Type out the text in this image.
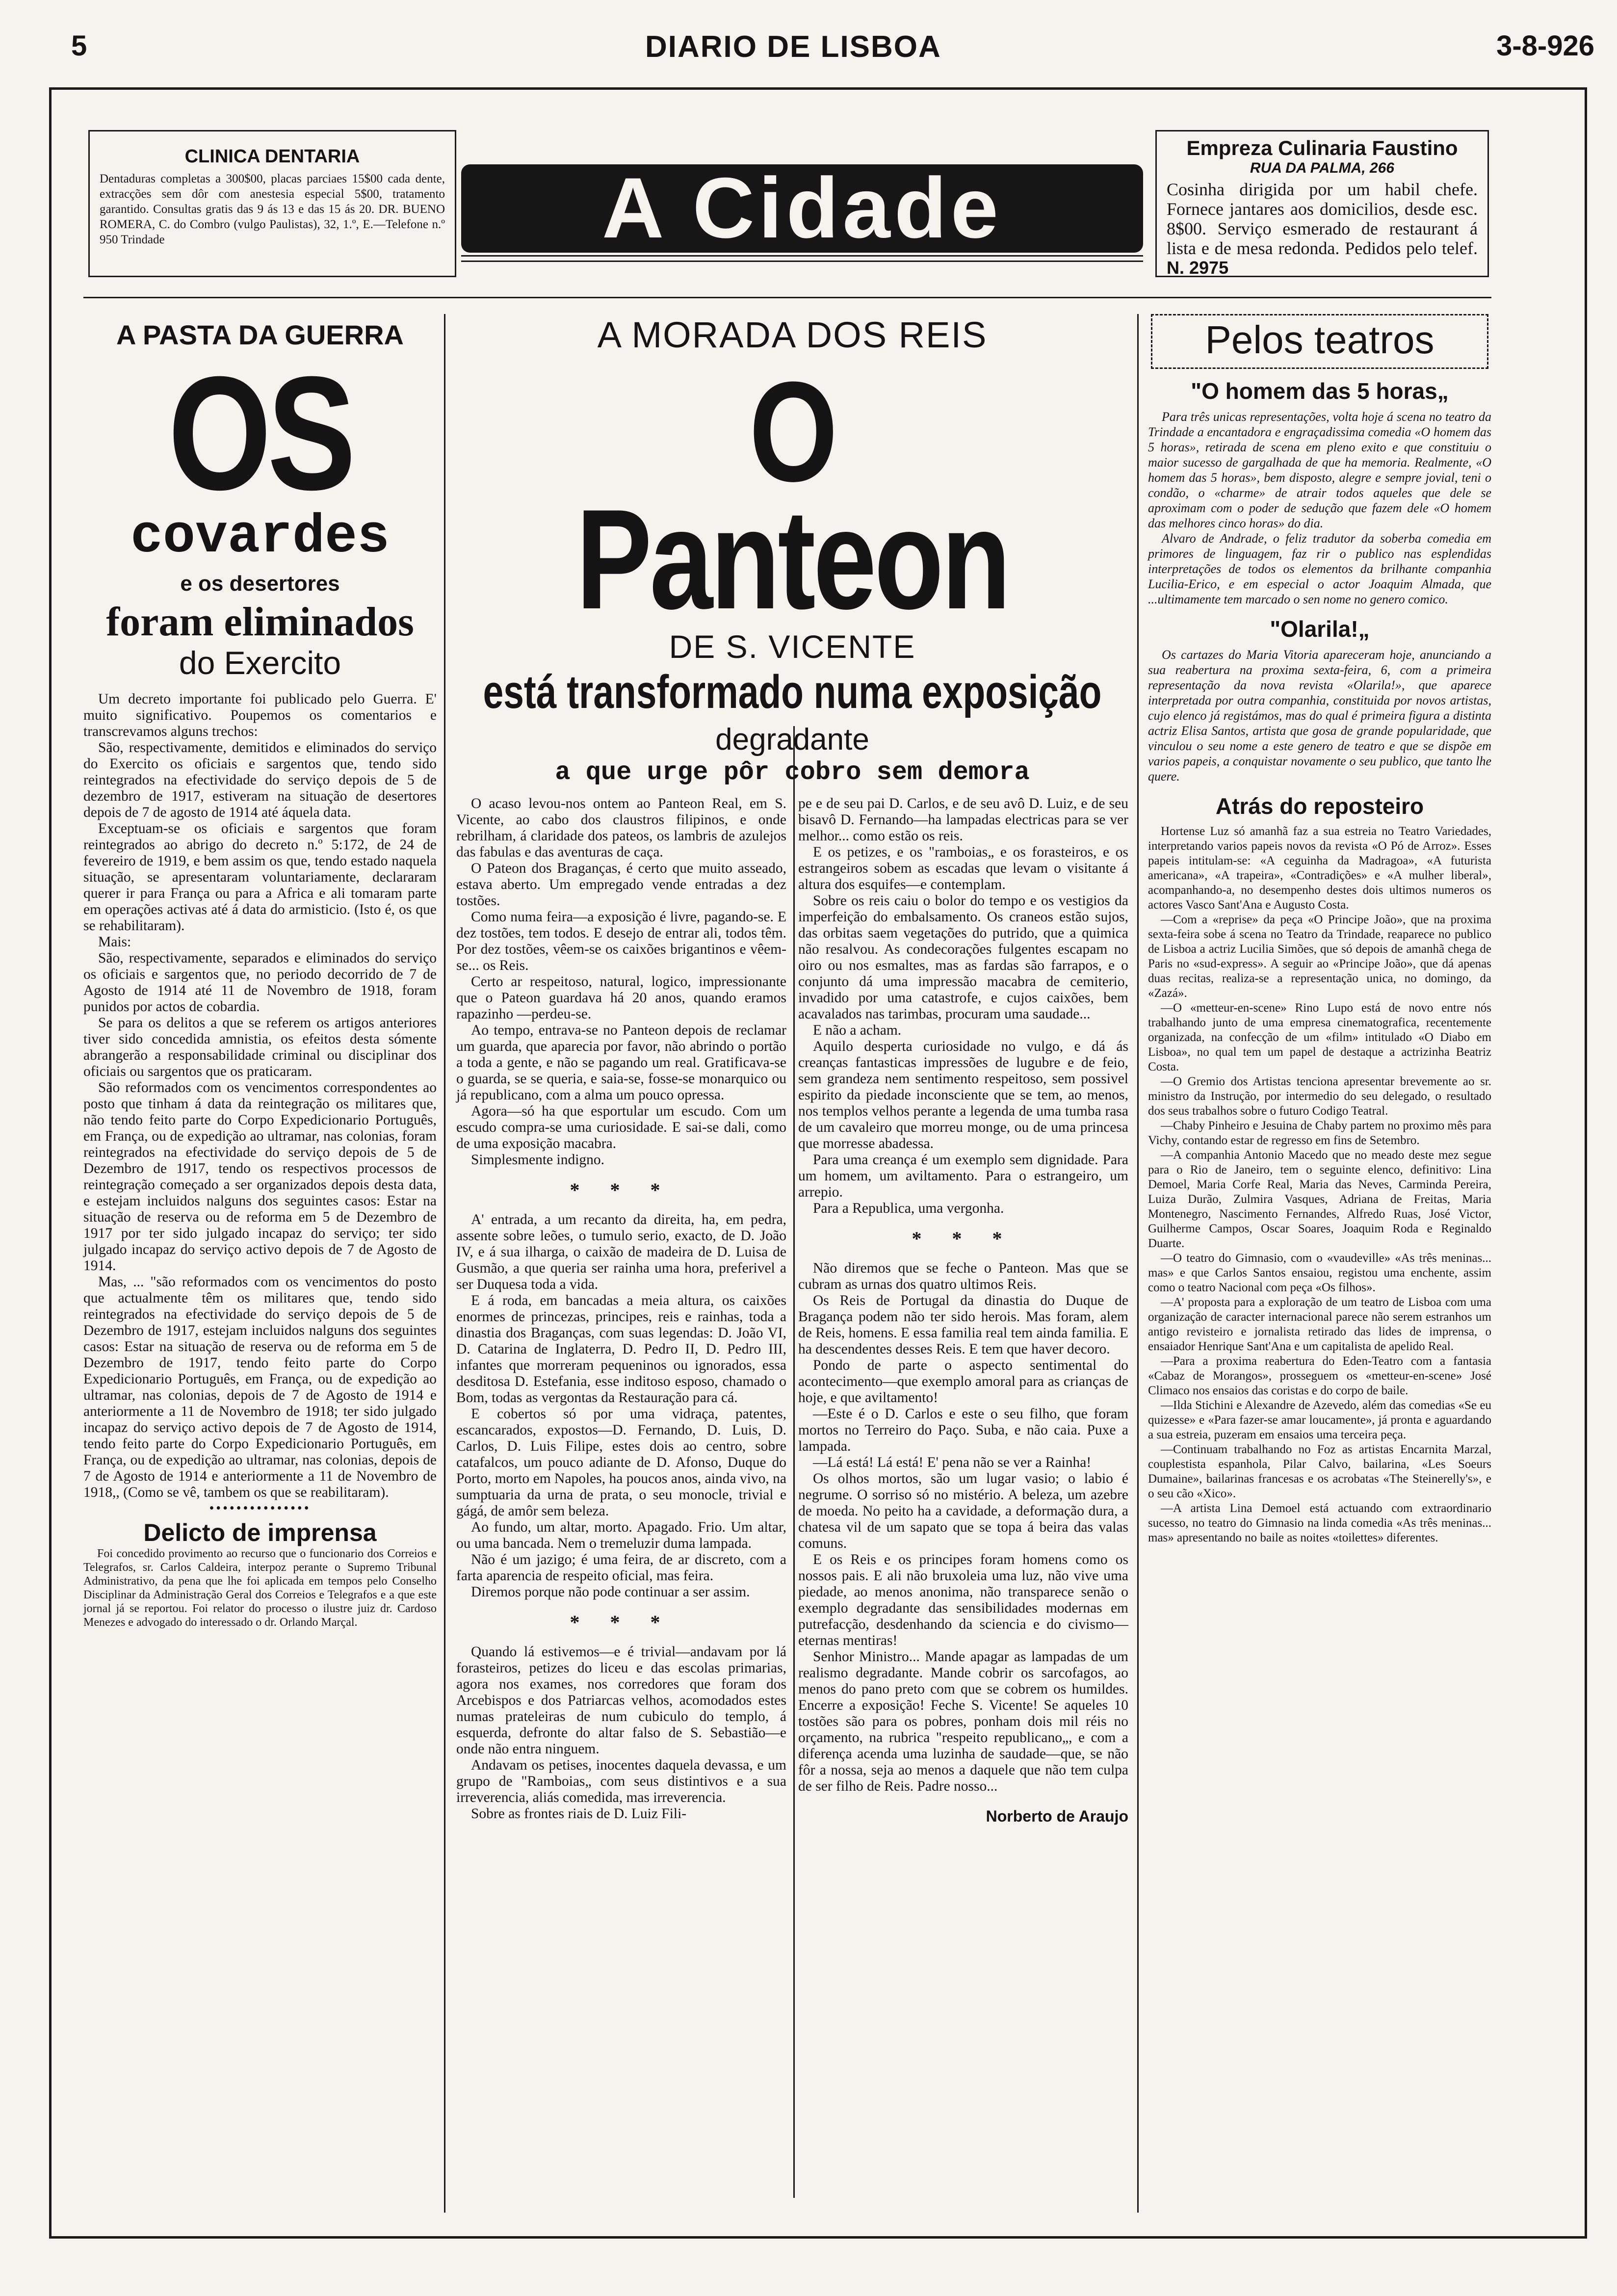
5	DIARIO DE LISBOA	3-8-926
CLINICA DENTARIA
Dentaduras completas a 300$00, placas parciaes 15$00 cada dente, extracções sem dôr com anestesia especial 5$00, tratamento garantido. Consultas gratis das 9 ás 13 e das 15 ás 20. DR. BUENO ROMERA, C. do Combro (vulgo Paulistas), 32, 1.º, E.—Telefone n.º 950 Trindade	A Cidade
Empreza Culinaria Faustino
RUA DA PALMA, 266
Cosinha dirigida por um habil chefe. Fornece jantares aos domicilios, desde esc. 8$00. Serviço esmerado de restaurant á lista e de mesa redonda. Pedidos pelo telef. N. 2975
A PASTA DA GUERRA
OS
covardes
e os desertores
foram eliminados
do Exercito

Um decreto importante foi publicado pelo Guerra. E' muito significativo. Poupemos os comentarios e transcrevamos alguns trechos:

São, respectivamente, demitidos e eliminados do serviço do Exercito os oficiais e sargentos que, tendo sido reintegrados na efectividade do serviço depois de 5 de dezembro de 1917, estiveram na situação de desertores depois de 7 de agosto de 1914 até áquela data.

Exceptuam-se os oficiais e sargentos que foram reintegrados ao abrigo do decreto n.º 5:172, de 24 de fevereiro de 1919, e bem assim os que, tendo estado naquela situação, se apresentaram voluntariamente, declararam querer ir para França ou para a Africa e ali tomaram parte em operações activas até á data do armisticio. (Isto é, os que se rehabilitaram).

Mais:

São, respectivamente, separados e eliminados do serviço os oficiais e sargentos que, no periodo decorrido de 7 de Agosto de 1914 até 11 de Novembro de 1918, foram punidos por actos de cobardia.

Se para os delitos a que se referem os artigos anteriores tiver sido concedida amnistia, os efeitos desta sómente abrangerão a responsabilidade criminal ou disciplinar dos oficiais ou sargentos que os praticaram.

São reformados com os vencimentos correspondentes ao posto que tinham á data da reintegração os militares que, não tendo feito parte do Corpo Expedicionario Português, em França, ou de expedição ao ultramar, nas colonias, foram reintegrados na efectividade do serviço depois de 5 de Dezembro de 1917, tendo os respectivos processos de reintegração começado a ser organizados depois desta data, e estejam incluidos nalguns dos seguintes casos: Estar na situação de reserva ou de reforma em 5 de Dezembro de 1917 por ter sido julgado incapaz do serviço; ter sido julgado incapaz do serviço activo depois de 7 de Agosto de 1914.

Mas, ... "são reformados com os vencimentos do posto que actualmente têm os militares que, tendo sido reintegrados na efectividade do serviço depois de 5 de Dezembro de 1917, estejam incluidos nalguns dos seguintes casos: Estar na situação de reserva ou de reforma em 5 de Dezembro de 1917, tendo feito parte do Corpo Expedicionario Português, em França, ou de expedição ao ultramar, nas colonias, depois de 7 de Agosto de 1914 e anteriormente a 11 de Novembro de 1918; ter sido julgado incapaz do serviço activo depois de 7 de Agosto de 1914, tendo feito parte do Corpo Expedicionario Português, em França, ou de expedição ao ultramar, nas colonias, depois de 7 de Agosto de 1914 e anteriormente a 11 de Novembro de 1918,, (Como se vê, tambem os que se reabilitaram).

•••••••••••••••
Delicto de imprensa

Foi concedido provimento ao recurso que o funcionario dos Correios e Telegrafos, sr. Carlos Caldeira, interpoz perante o Supremo Tribunal Administrativo, da pena que lhe foi aplicada em tempos pelo Conselho Disciplinar da Administração Geral dos Correios e Telegrafos e a que este jornal já se reportou. Foi relator do processo o ilustre juiz dr. Cardoso Menezes e advogado do interessado o dr. Orlando Marçal.

A MORADA DOS REIS
O Panteon
DE S. VICENTE
está transformado numa exposição
degradante
a que urge pôr cobro sem demora

O acaso levou-nos ontem ao Panteon Real, em S. Vicente, ao cabo dos claustros filipinos, e onde rebrilham, á claridade dos pateos, os lambris de azulejos das fabulas e das aventuras de caça.

O Pateon dos Braganças, é certo que muito asseado, estava aberto. Um empregado vende entradas a dez tostões.

Como numa feira—a exposição é livre, pagando-se. E dez tostões, tem todos. E desejo de entrar ali, todos têm. Por dez tostões, vêem-se os caixões brigantinos e vêem-se... os Reis.

Certo ar respeitoso, natural, logico, impressionante que o Pateon guardava há 20 anos, quando eramos rapazinho —perdeu-se.

Ao tempo, entrava-se no Panteon depois de reclamar um guarda, que aparecia por favor, não abrindo o portão a toda a gente, e não se pagando um real. Gratificava-se o guarda, se se queria, e saia-se, fosse-se monarquico ou já republicano, com a alma um pouco opressa.

Agora—só ha que esportular um escudo. Com um escudo compra-se uma curiosidade. E sai-se dali, como de uma exposição macabra.

Simplesmente indigno.

* * *

A' entrada, a um recanto da direita, ha, em pedra, assente sobre leões, o tumulo serio, exacto, de D. João IV, e á sua ilharga, o caixão de madeira de D. Luisa de Gusmão, a que queria ser rainha uma hora, preferivel a ser Duquesa toda a vida.

E á roda, em bancadas a meia altura, os caixões enormes de princezas, principes, reis e rainhas, toda a dinastia dos Braganças, com suas legendas: D. João VI, D. Catarina de Inglaterra, D. Pedro II, D. Pedro III, infantes que morreram pequeninos ou ignorados, essa desditosa D. Estefania, esse inditoso esposo, chamado o Bom, todas as vergontas da Restauração para cá.

E cobertos só por uma vidraça, patentes, escancarados, expostos—D. Fernando, D. Luis, D. Carlos, D. Luis Filipe, estes dois ao centro, sobre catafalcos, um pouco adiante de D. Afonso, Duque do Porto, morto em Napoles, ha poucos anos, ainda vivo, na sumptuaria da urna de prata, o seu monocle, trivial e gágá, de amôr sem beleza.

Ao fundo, um altar, morto. Apagado. Frio. Um altar, ou uma bancada. Nem o tremeluzir duma lampada.

Não é um jazigo; é uma feira, de ar discreto, com a farta aparencia de respeito oficial, mas feira.

Diremos porque não pode continuar a ser assim.

* * *

Quando lá estivemos—e é trivial—andavam por lá forasteiros, petizes do liceu e das escolas primarias, agora nos exames, nos corredores que foram dos Arcebispos e dos Patriarcas velhos, acomodados estes numas prateleiras de num cubiculo do templo, á esquerda, defronte do altar falso de S. Sebastião—e onde não entra ninguem.

Andavam os petises, inocentes daquela devassa, e um grupo de "Ramboias„ com seus distintivos e a sua irreverencia, aliás comedida, mas irreverencia.

Sobre as frontes riais de D. Luiz Fili-

pe e de seu pai D. Carlos, e de seu avô D. Luiz, e de seu bisavô D. Fernando—ha lampadas electricas para se ver melhor... como estão os reis.

E os petizes, e os "ramboias„ e os forasteiros, e os estrangeiros sobem as escadas que levam o visitante á altura dos esquifes—e contemplam.

Sobre os reis caiu o bolor do tempo e os vestigios da imperfeição do embalsamento. Os craneos estão sujos, das orbitas saem vegetações do putrido, que a quimica não resalvou. As condecorações fulgentes escapam no oiro ou nos esmaltes, mas as fardas são farrapos, e o conjunto dá uma impressão macabra de cemiterio, invadido por uma catastrofe, e cujos caixões, bem acavalados nas tarimbas, procuram uma saudade...

E não a acham.

Aquilo desperta curiosidade no vulgo, e dá ás creanças fantasticas impressões de lugubre e de feio, sem grandeza nem sentimento respeitoso, sem possivel espirito da piedade inconsciente que se tem, ao menos, nos templos velhos perante a legenda de uma tumba rasa de um cavaleiro que morreu monge, ou de uma princesa que morresse abadessa.

Para uma creança é um exemplo sem dignidade. Para um homem, um aviltamento. Para o estrangeiro, um arrepio.

Para a Republica, uma vergonha.

* * *

Não diremos que se feche o Panteon. Mas que se cubram as urnas dos quatro ultimos Reis.

Os Reis de Portugal da dinastia do Duque de Bragança podem não ter sido herois. Mas foram, alem de Reis, homens. E essa familia real tem ainda familia. E ha descendentes desses Reis. E tem que haver decoro.

Pondo de parte o aspecto sentimental do acontecimento—que exemplo amoral para as crianças de hoje, e que aviltamento!

—Este é o D. Carlos e este o seu filho, que foram mortos no Terreiro do Paço. Suba, e não caia. Puxe a lampada.

—Lá está! Lá está! E' pena não se ver a Rainha!

Os olhos mortos, são um lugar vasio; o labio é negrume. O sorriso só no mistério. A beleza, um azebre de moeda. No peito ha a cavidade, a deformação dura, a chatesa vil de um sapato que se topa á beira das valas comuns.

E os Reis e os principes foram homens como os nossos pais. E ali não bruxoleia uma luz, não vive uma piedade, ao menos anonima, não transparece senão o exemplo degradante das sensibilidades modernas em putrefacção, desdenhando da sciencia e do civismo—eternas mentiras!

Senhor Ministro... Mande apagar as lampadas de um realismo degradante. Mande cobrir os sarcofagos, ao menos do pano preto com que se cobrem os humildes. Encerre a exposição! Feche S. Vicente! Se aqueles 10 tostões são para os pobres, ponham dois mil réis no orçamento, na rubrica "respeito republicano„, e com a diferença acenda uma luzinha de saudade—que, se não fôr a nossa, seja ao menos a daquele que não tem culpa de ser filho de Reis. Padre nosso...

Norberto de Araujo
Pelos teatros
"O homem das 5 horas„

Para três unicas representações, volta hoje á scena no teatro da Trindade a encantadora e engraçadissima comedia «O homem das 5 horas», retirada de scena em pleno exito e que constituiu o maior sucesso de gargalhada de que ha memoria. Realmente, «O homem das 5 horas», bem disposto, alegre e sempre jovial, teni o condão, o «charme» de atrair todos aqueles que dele se aproximam com o poder de sedução que fazem dele «O homem das melhores cinco horas» do dia.

Alvaro de Andrade, o feliz tradutor da soberba comedia em primores de linguagem, faz rir o publico nas esplendidas interpretações de todos os elementos da brilhante companhia Lucilia-Erico, e em especial o actor Joaquim Almada, que ...ultimamente tem marcado o sen nome no genero comico.

"Olarila!„

Os cartazes do Maria Vitoria apareceram hoje, anunciando a sua reabertura na proxima sexta-feira, 6, com a primeira representação da nova revista «Olarila!», que aparece interpretada por outra companhia, constituida por novos artistas, cujo elenco já registámos, mas do qual é primeira figura a distinta actriz Elisa Santos, artista que gosa de grande popularidade, que vinculou o seu nome a este genero de teatro e que se dispõe em varios papeis, a conquistar novamente o seu publico, que tanto lhe quere.

Atrás do reposteiro

Hortense Luz só amanhã faz a sua estreia no Teatro Variedades, interpretando varios papeis novos da revista «O Pó de Arroz». Esses papeis intitulam-se: «A ceguinha da Madragoa», «A futurista americana», «A trapeira», «Contradições» e «A mulher liberal», acompanhando-a, no desempenho destes dois ultimos numeros os actores Vasco Sant'Ana e Augusto Costa.

—Com a «reprise» da peça «O Principe João», que na proxima sexta-feira sobe á scena no Teatro da Trindade, reaparece no publico de Lisboa a actriz Lucilia Simões, que só depois de amanhã chega de Paris no «sud-express». A seguir ao «Principe João», que dá apenas duas recitas, realiza-se a representação unica, no domingo, da «Zazá».

—O «metteur-en-scene» Rino Lupo está de novo entre nós trabalhando junto de uma empresa cinematografica, recentemente organizada, na confecção de um «film» intitulado «O Diabo em Lisboa», no qual tem um papel de destaque a actrizinha Beatriz Costa.

—O Gremio dos Artistas tenciona apresentar brevemente ao sr. ministro da Instrução, por intermedio do seu delegado, o resultado dos seus trabalhos sobre o futuro Codigo Teatral.

—Chaby Pinheiro e Jesuina de Chaby partem no proximo mês para Vichy, contando estar de regresso em fins de Setembro.

—A companhia Antonio Macedo que no meado deste mez segue para o Rio de Janeiro, tem o seguinte elenco, definitivo: Lina Demoel, Maria Corfe Real, Maria das Neves, Carminda Pereira, Luiza Durão, Zulmira Vasques, Adriana de Freitas, Maria Montenegro, Nascimento Fernandes, Alfredo Ruas, José Victor, Guilherme Campos, Oscar Soares, Joaquim Roda e Reginaldo Duarte.

—O teatro do Gimnasio, com o «vaudeville» «As três meninas... mas» e que Carlos Santos ensaiou, registou uma enchente, assim como o teatro Nacional com peça «Os filhos».

—A' proposta para a exploração de um teatro de Lisboa com uma organização de caracter internacional parece não serem estranhos um antigo revisteiro e jornalista retirado das lides de imprensa, o ensaiador Henrique Sant'Ana e um capitalista de apelido Real.

—Para a proxima reabertura do Eden-Teatro com a fantasia «Cabaz de Morangos», prosseguem os «metteur-en-scene» José Climaco nos ensaios das coristas e do corpo de baile.

—Ilda Stichini e Alexandre de Azevedo, além das comedias «Se eu quizesse» e «Para fazer-se amar loucamente», já pronta e aguardando a sua estreia, puzeram em ensaios uma terceira peça.

—Continuam trabalhando no Foz as artistas Encarnita Marzal, couplestista espanhola, Pilar Calvo, bailarina, «Les Soeurs Dumaine», bailarinas francesas e os acrobatas «The Steinerelly's», e o seu cão «Xico».

—A artista Lina Demoel está actuando com extraordinario sucesso, no teatro do Gimnasio na linda comedia «As três meninas... mas» apresentando no baile as noites «toilettes» diferentes.
